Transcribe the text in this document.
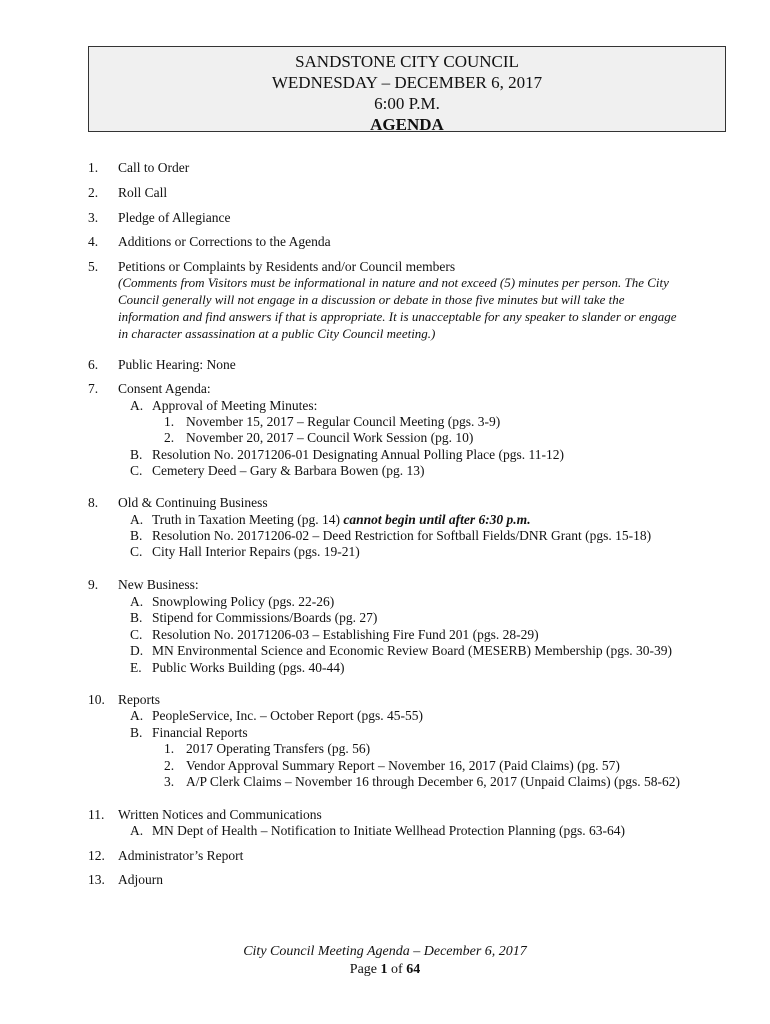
SANDSTONE CITY COUNCIL
WEDNESDAY – DECEMBER 6, 2017
6:00 P.M.
AGENDA
1.	Call to Order
2.	Roll Call
3.	Pledge of Allegiance
4.	Additions or Corrections to the Agenda
5.	Petitions or Complaints by Residents and/or Council members
(Comments from Visitors must be informational in nature and not exceed (5) minutes per person. The City
Council generally will not engage in a discussion or debate in those five minutes but will take the
information and find answers if that is appropriate. It is unacceptable for any speaker to slander or engage
in character assassination at a public City Council meeting.)
6.	Public Hearing: None
7.	Consent Agenda:
A. Approval of Meeting Minutes:
1. November 15, 2017 – Regular Council Meeting (pgs. 3-9)
2. November 20, 2017 – Council Work Session (pg. 10)
B. Resolution No. 20171206-01 Designating Annual Polling Place (pgs. 11-12)
C. Cemetery Deed – Gary & Barbara Bowen (pg. 13)
8.	Old & Continuing Business
A. Truth in Taxation Meeting (pg. 14) cannot begin until after 6:30 p.m.
B. Resolution No. 20171206-02 – Deed Restriction for Softball Fields/DNR Grant (pgs. 15-18)
C. City Hall Interior Repairs (pgs. 19-21)
9.	New Business:
A. Snowplowing Policy (pgs. 22-26)
B. Stipend for Commissions/Boards (pg. 27)
C. Resolution No. 20171206-03 – Establishing Fire Fund 201 (pgs. 28-29)
D. MN Environmental Science and Economic Review Board (MESERB) Membership (pgs. 30-39)
E. Public Works Building (pgs. 40-44)
10. Reports
A. PeopleService, Inc. – October Report (pgs. 45-55)
B. Financial Reports
1. 2017 Operating Transfers (pg. 56)
2. Vendor Approval Summary Report – November 16, 2017 (Paid Claims) (pg. 57)
3. A/P Clerk Claims – November 16 through December 6, 2017 (Unpaid Claims) (pgs. 58-62)
11.	Written Notices and Communications
A. MN Dept of Health – Notification to Initiate Wellhead Protection Planning (pgs. 63-64)
12. Administrator’s Report
13. Adjourn
City Council Meeting Agenda – December 6, 2017
Page 1 of 64
